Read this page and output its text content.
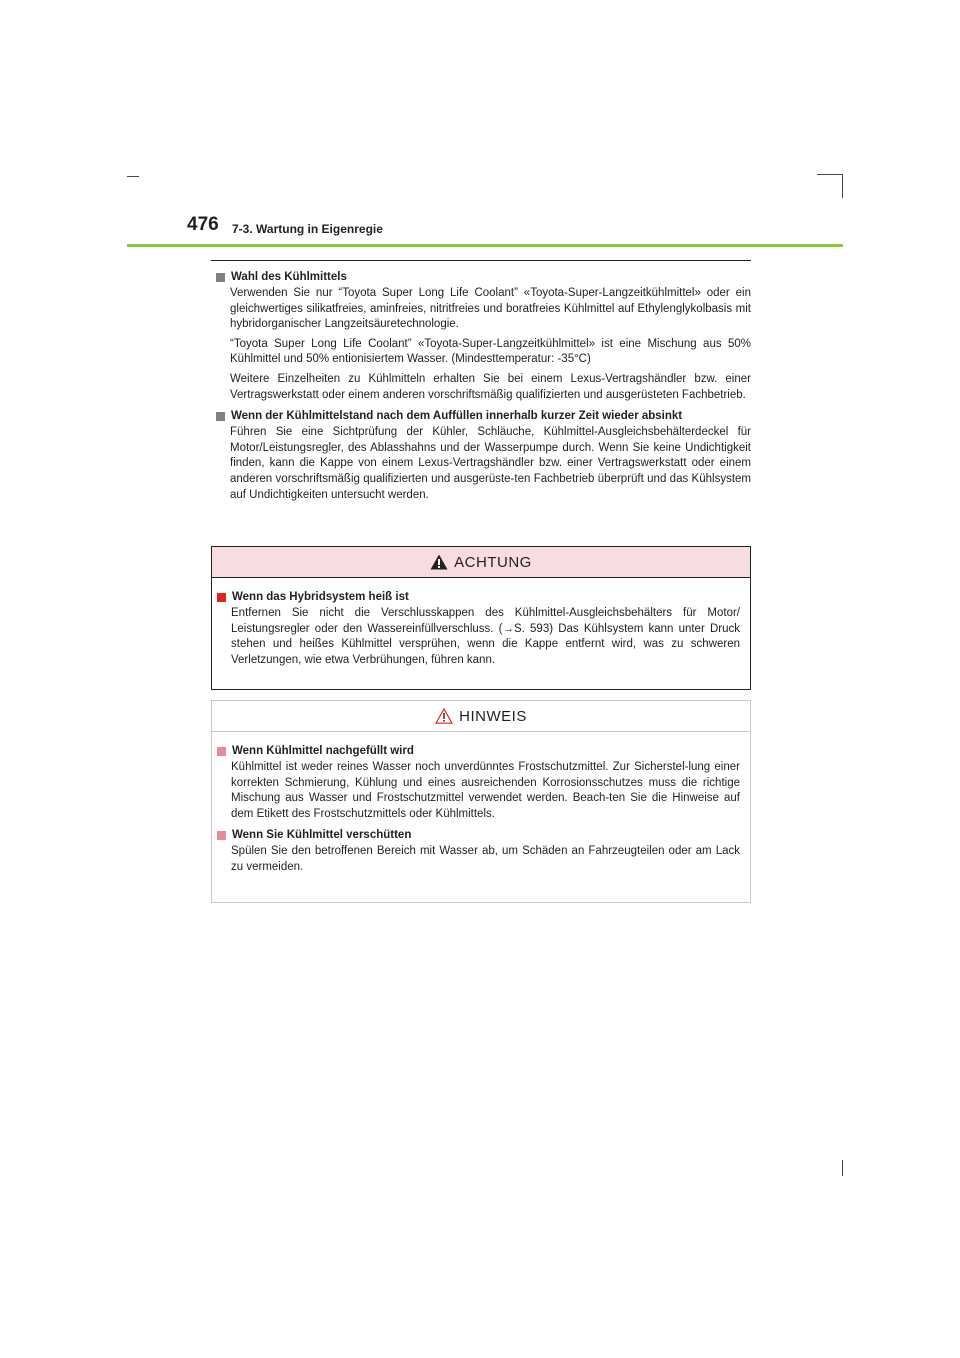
476 7-3. Wartung in Eigenregie
Wahl des Kühlmittels

Verwenden Sie nur “Toyota Super Long Life Coolant” «Toyota-Super-Langzeitkühlmittel» oder ein gleichwertiges silikatfreies, aminfreies, nitritfreies und boratfreies Kühlmittel auf Ethylenglykolbasis mit hybridorganischer Langzeitsäuretechnologie.

“Toyota Super Long Life Coolant” «Toyota-Super-Langzeitkühlmittel» ist eine Mischung aus 50% Kühlmittel und 50% entionisiertem Wasser. (Mindesttemperatur: -35°C)

Weitere Einzelheiten zu Kühlmitteln erhalten Sie bei einem Lexus-Vertragshändler bzw. einer Vertragswerkstatt oder einem anderen vorschriftsmäßig qualifizierten und ausgerüsteten Fachbetrieb.

Wenn der Kühlmittelstand nach dem Auffüllen innerhalb kurzer Zeit wieder absinkt

Führen Sie eine Sichtprüfung der Kühler, Schläuche, Kühlmittel-Ausgleichsbehälterdeckel für Motor/Leistungsregler, des Ablasshahns und der Wasserpumpe durch. Wenn Sie keine Undichtigkeit finden, kann die Kappe von einem Lexus-Vertragshändler bzw. einer Vertragswerkstatt oder einem anderen vorschriftsmäßig qualifizierten und ausgerüste-ten Fachbetrieb überprüft und das Kühlsystem auf Undichtigkeiten untersucht werden.

ACHTUNG
Wenn das Hybridsystem heiß ist

Entfernen Sie nicht die Verschlusskappen des Kühlmittel-Ausgleichsbehälters für Motor/ Leistungsregler oder den Wassereinfüllverschluss. (→S. 593) Das Kühlsystem kann unter Druck stehen und heißes Kühlmittel versprühen, wenn die Kappe entfernt wird, was zu schweren Verletzungen, wie etwa Verbrühungen, führen kann.

HINWEIS
Wenn Kühlmittel nachgefüllt wird

Kühlmittel ist weder reines Wasser noch unverdünntes Frostschutzmittel. Zur Sicherstel-lung einer korrekten Schmierung, Kühlung und eines ausreichenden Korrosionsschutzes muss die richtige Mischung aus Wasser und Frostschutzmittel verwendet werden. Beach-ten Sie die Hinweise auf dem Etikett des Frostschutzmittels oder Kühlmittels.

Wenn Sie Kühlmittel verschütten

Spülen Sie den betroffenen Bereich mit Wasser ab, um Schäden an Fahrzeugteilen oder am Lack zu vermeiden.
